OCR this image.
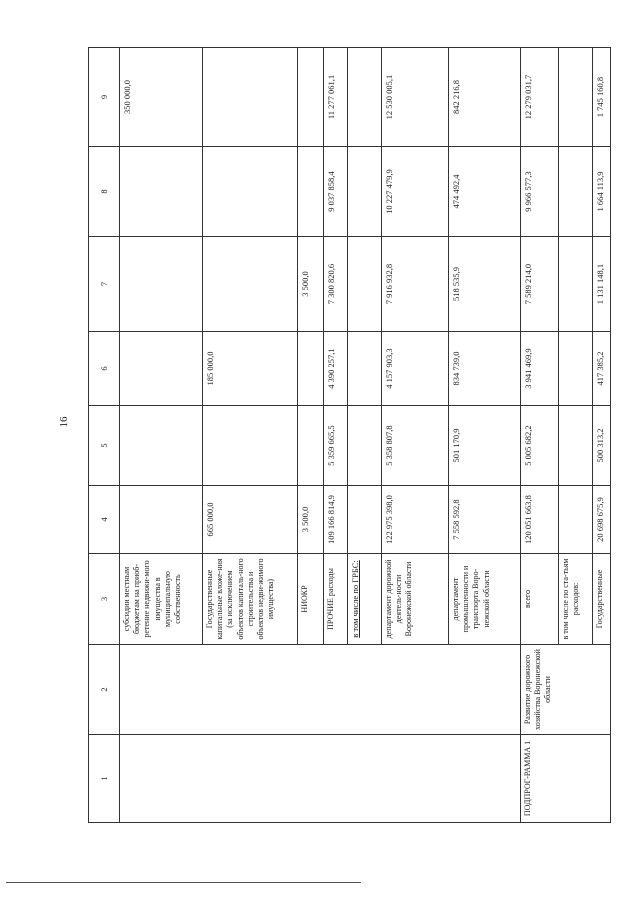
16
1	2	3	4	5	6	7	8	9
		субсидии местным бюджетам на приоб-ретение недвижи-мого имущества в муниципальную собственность						350 000,0
		Государственные капитальные вложе-ния (за исключением объектов капиталь-ного строительства и объектов недви-жимого имущества)	665 000,0		185 000,0			
		НИОКР	3 500,0			3 500,0		
		ПРОЧИЕ расходы	109 166 814,9	5 359 665,5	4 390 257,1	7 300 820,6	9 037 858,4	11 277 061,1
		в том числе по ГРБС:						
		департамент дорожной деятель-ности Воронежской области	122 975 398,0	5 358 807,8	4 157 903,3	7 916 932,8	10 227 479,9	12 530 005,1
		департамент промышленности и транспорта Воро-нежской области	7 558 592,8	501 170,9	834 739,0	518 535,9	474 492,4	842 216,8
ПОДПРОГ-РАММА 1	Развитие дорожного хозяйства Воронежской области	всего	120 051 663,8	5 005 682,2	3 941 469,9	7 589 214,0	9 966 577,3	12 279 031,7
		в том числе по ста-тьям расходов:						
		Государственные	20 698 675,9	500 313,2	417 385,2	1 131 148,1	1 664 113,9	1 745 160,8
